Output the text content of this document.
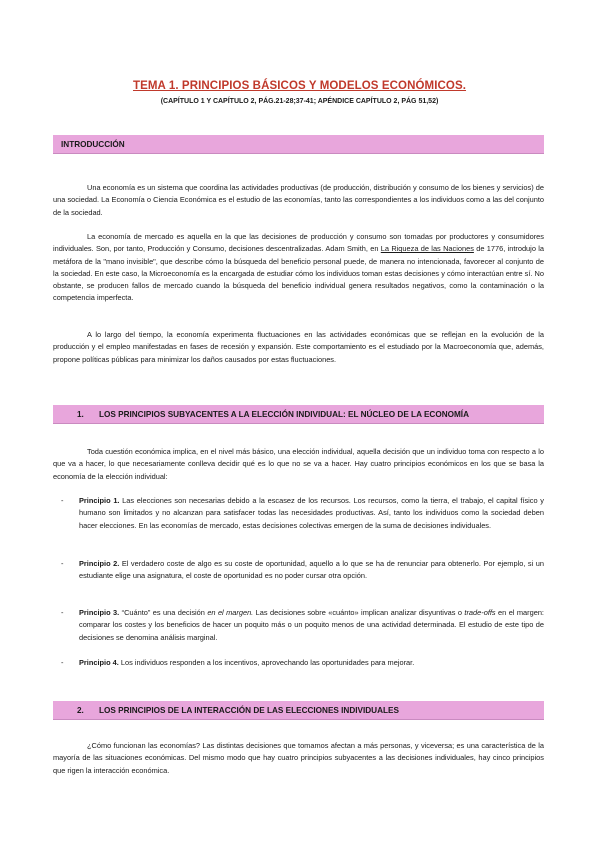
TEMA 1. PRINCIPIOS BÁSICOS Y MODELOS ECONÓMICOS.
(CAPÍTULO 1 Y CAPÍTULO 2, PÁG.21-28;37-41; APÉNDICE CAPÍTULO 2, PÁG 51,52)
INTRODUCCIÓN

Una economía es un sistema que coordina las actividades productivas (de producción, distribución y consumo de los bienes y servicios) de una sociedad. La Economía o Ciencia Económica es el estudio de las economías, tanto las correspondientes a los individuos como a las del conjunto de la sociedad.

La economía de mercado es aquella en la que las decisiones de producción y consumo son tomadas por productores y consumidores individuales. Son, por tanto, Producción y Consumo, decisiones descentralizadas. Adam Smith, en La Riqueza de las Naciones de 1776, introdujo la metáfora de la "mano invisible", que describe cómo la búsqueda del beneficio personal puede, de manera no intencionada, favorecer al conjunto de la sociedad. En este caso, la Microeconomía es la encargada de estudiar cómo los individuos toman estas decisiones y cómo interactúan entre sí. No obstante, se producen fallos de mercado cuando la búsqueda del beneficio individual genera resultados negativos, como la contaminación o la competencia imperfecta.

A lo largo del tiempo, la economía experimenta fluctuaciones en las actividades económicas que se reflejan en la evolución de la producción y el empleo manifestadas en fases de recesión y expansión. Este comportamiento es el estudiado por la Macroeconomía que, además, propone políticas públicas para minimizar los daños causados por estas fluctuaciones.

1. LOS PRINCIPIOS SUBYACENTES A LA ELECCIÓN INDIVIDUAL: EL NÚCLEO DE LA ECONOMÍA

Toda cuestión económica implica, en el nivel más básico, una elección individual, aquella decisión que un individuo toma con respecto a lo que va a hacer, lo que necesariamente conlleva decidir qué es lo que no se va a hacer. Hay cuatro principios económicos en los que se basa la economía de la elección individual:

- Principio 1. Las elecciones son necesarias debido a la escasez de los recursos. Los recursos, como la tierra, el trabajo, el capital físico y humano son limitados y no alcanzan para satisfacer todas las necesidades productivas. Así, tanto los individuos como la sociedad deben hacer elecciones. En las economías de mercado, estas decisiones colectivas emergen de la suma de decisiones individuales.
- Principio 2. El verdadero coste de algo es su coste de oportunidad, aquello a lo que se ha de renunciar para obtenerlo. Por ejemplo, si un estudiante elige una asignatura, el coste de oportunidad es no poder cursar otra opción.
- Principio 3. “Cuánto” es una decisión en el margen. Las decisiones sobre «cuánto» implican analizar disyuntivas o trade-offs en el margen: comparar los costes y los beneficios de hacer un poquito más o un poquito menos de una actividad determinada. El estudio de este tipo de decisiones se denomina análisis marginal.
- Principio 4. Los individuos responden a los incentivos, aprovechando las oportunidades para mejorar.
2. LOS PRINCIPIOS DE LA INTERACCIÓN DE LAS ELECCIONES INDIVIDUALES

¿Cómo funcionan las economías? Las distintas decisiones que tomamos afectan a más personas, y viceversa; es una característica de la mayoría de las situaciones económicas. Del mismo modo que hay cuatro principios subyacentes a las decisiones individuales, hay cinco principios que rigen la interacción económica.
